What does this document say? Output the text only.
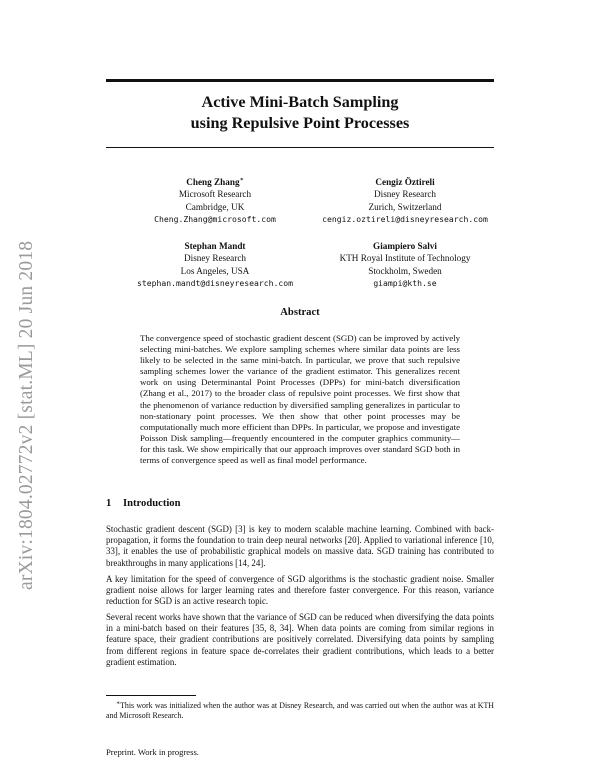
arXiv:1804.02772v2 [stat.ML] 20 Jun 2018
Active Mini-Batch Sampling
using Repulsive Point Processes
Cheng Zhang∗
Microsoft Research
Cambridge, UK
Cheng.Zhang@microsoft.com
Cengiz Öztireli
Disney Research
Zurich, Switzerland
cengiz.oztireli@disneyresearch.com
Stephan Mandt
Disney Research
Los Angeles, USA
stephan.mandt@disneyresearch.com
Giampiero Salvi
KTH Royal Institute of Technology
Stockholm, Sweden
giampi@kth.se
Abstract
The convergence speed of stochastic gradient descent (SGD) can be improved by actively selecting mini-batches. We explore sampling schemes where similar data points are less likely to be selected in the same mini-batch. In particular, we prove that such repulsive sampling schemes lower the variance of the gradient estimator. This generalizes recent work on using Determinantal Point Processes (DPPs) for mini-batch diversification (Zhang et al., 2017) to the broader class of repulsive point processes. We first show that the phenomenon of variance reduction by diversified sampling generalizes in particular to non-stationary point processes. We then show that other point processes may be computationally much more efficient than DPPs. In particular, we propose and investigate Poisson Disk sampling—frequently encountered in the computer graphics community—for this task. We show empirically that our approach improves over standard SGD both in terms of convergence speed as well as final model performance.
1 Introduction
Stochastic gradient descent (SGD) [3] is key to modern scalable machine learning. Combined with back-propagation, it forms the foundation to train deep neural networks [20]. Applied to variational inference [10, 33], it enables the use of probabilistic graphical models on massive data. SGD training has contributed to breakthroughs in many applications [14, 24].
A key limitation for the speed of convergence of SGD algorithms is the stochastic gradient noise. Smaller gradient noise allows for larger learning rates and therefore faster convergence. For this reason, variance reduction for SGD is an active research topic.
Several recent works have shown that the variance of SGD can be reduced when diversifying the data points in a mini-batch based on their features [35, 8, 34]. When data points are coming from similar regions in feature space, their gradient contributions are positively correlated. Diversifying data points by sampling from different regions in feature space de-correlates their gradient contributions, which leads to a better gradient estimation.
∗This work was initialized when the author was at Disney Research, and was carried out when the author was at KTH and Microsoft Research.
Preprint. Work in progress.
